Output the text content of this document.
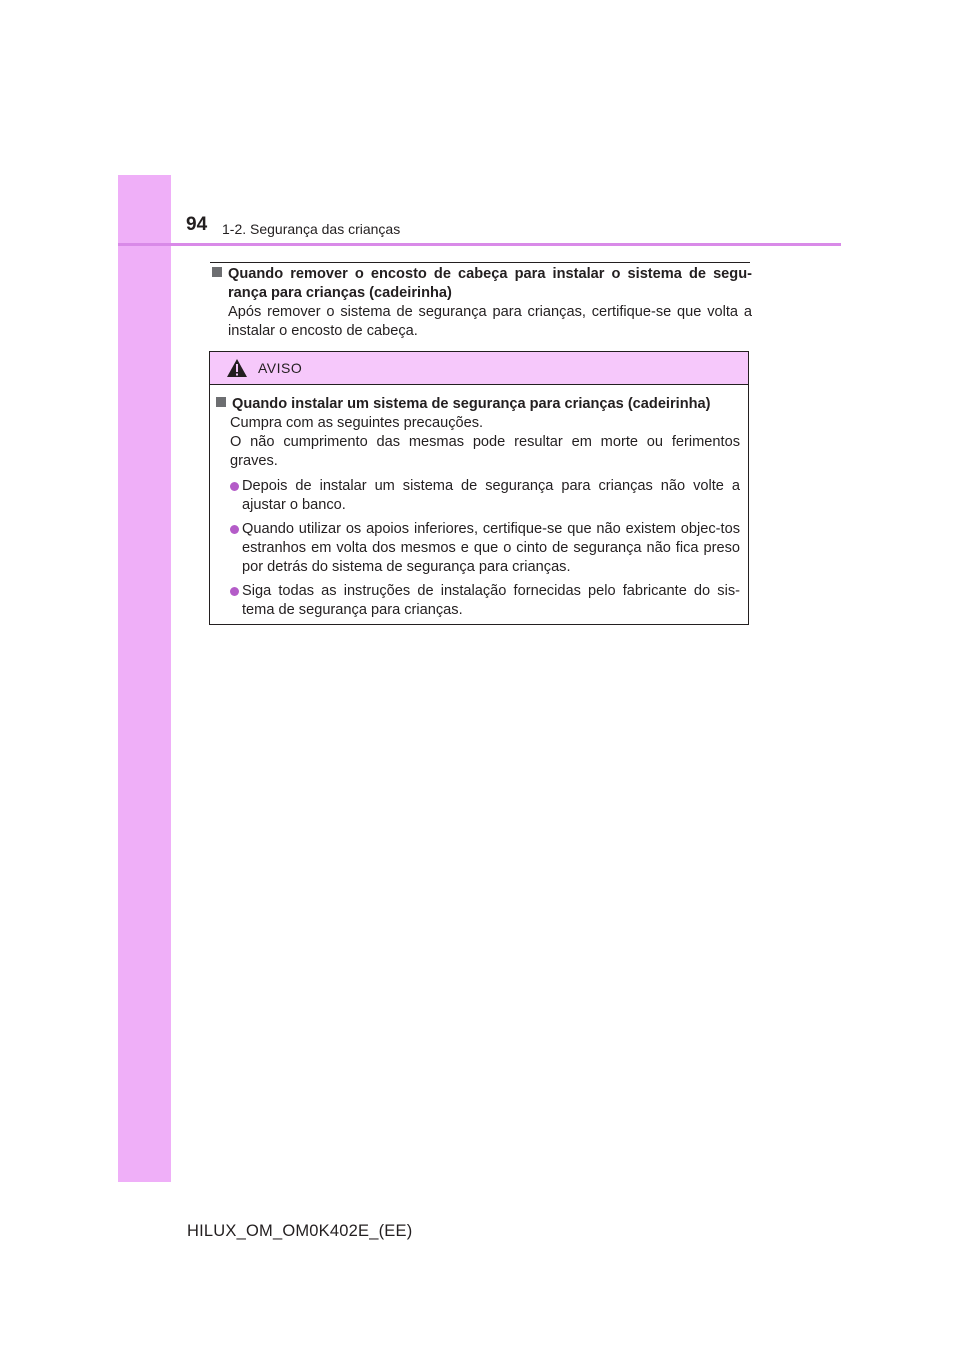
94 1-2. Segurança das crianças
Quando remover o encosto de cabeça para instalar o sistema de segu-rança para crianças (cadeirinha)
Após remover o sistema de segurança para crianças, certifique-se que volta a instalar o encosto de cabeça.
AVISO
Quando instalar um sistema de segurança para crianças (cadeirinha)
Cumpra com as seguintes precauções.
O não cumprimento das mesmas pode resultar em morte ou ferimentos graves.
Depois de instalar um sistema de segurança para crianças não volte a ajustar o banco.
Quando utilizar os apoios inferiores, certifique-se que não existem objec-tos estranhos em volta dos mesmos e que o cinto de segurança não fica preso por detrás do sistema de segurança para crianças.
Siga todas as instruções de instalação fornecidas pelo fabricante do sis-tema de segurança para crianças.
HILUX_OM_OM0K402E_(EE)
